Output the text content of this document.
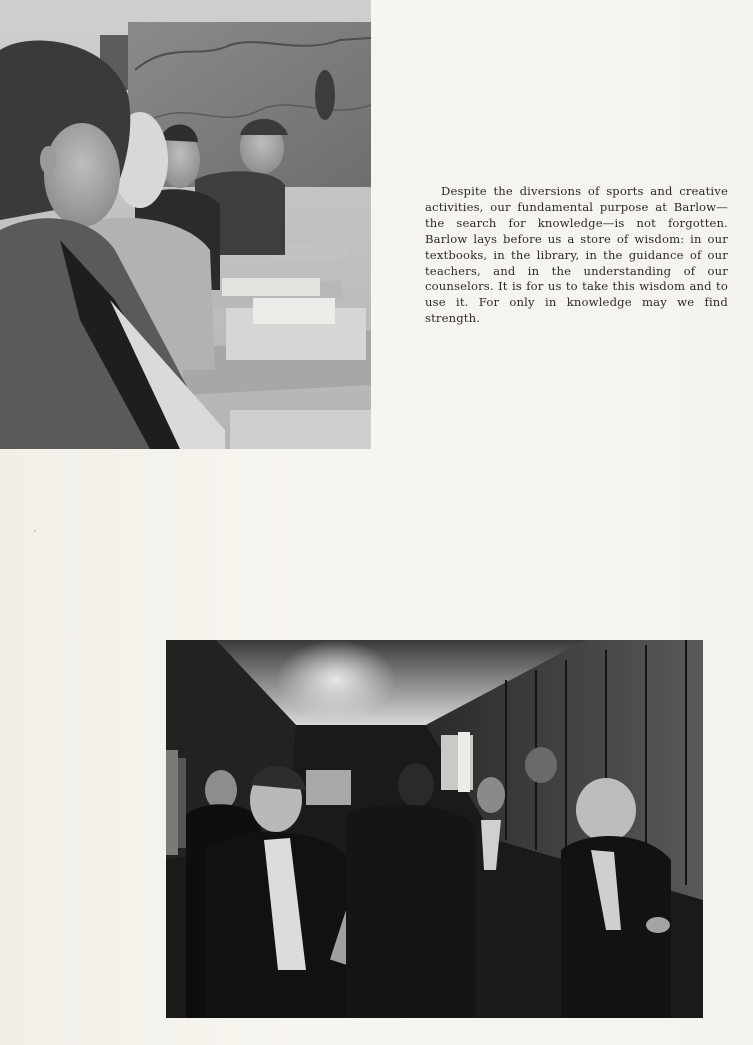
Despite the diversions of sports and creative activities, our fundamental purpose at Barlow—the search for knowledge—is not forgotten. Barlow lays before us a store of wisdom: in our textbooks, in the library, in the guidance of our teachers, and in the understanding of our counselors. It is for us to take this wisdom and to use it. For only in knowledge may we find strength.
